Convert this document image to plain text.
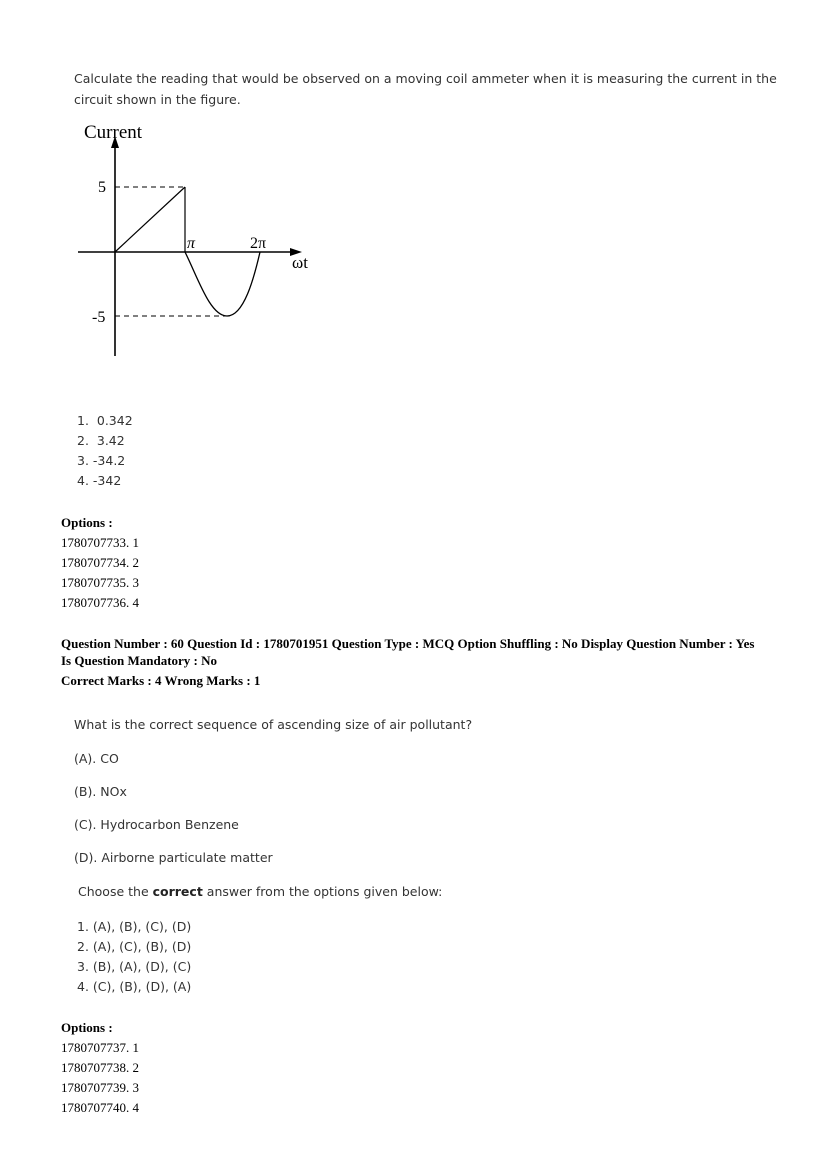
Calculate the reading that would be observed on a moving coil ammeter when it is measuring the current in the circuit shown in the figure.

Current
5
-5
π	2π
ωt
1.  0.342
2.  3.42
3. -34.2
4. -342
Options :
1780707733. 1
1780707734. 2
1780707735. 3
1780707736. 4
Question Number : 60 Question Id : 1780701951 Question Type : MCQ Option Shuffling : No Display Question Number : Yes
Is Question Mandatory : No
Correct Marks : 4 Wrong Marks : 1

What is the correct sequence of ascending size of air pollutant?

(A). CO

(B). NOx

(C). Hydrocarbon Benzene

(D). Airborne particulate matter

Choose the correct answer from the options given below:

1. (A), (B), (C), (D)
2. (A), (C), (B), (D)
3. (B), (A), (D), (C)
4. (C), (B), (D), (A)
Options :
1780707737. 1
1780707738. 2
1780707739. 3
1780707740. 4
